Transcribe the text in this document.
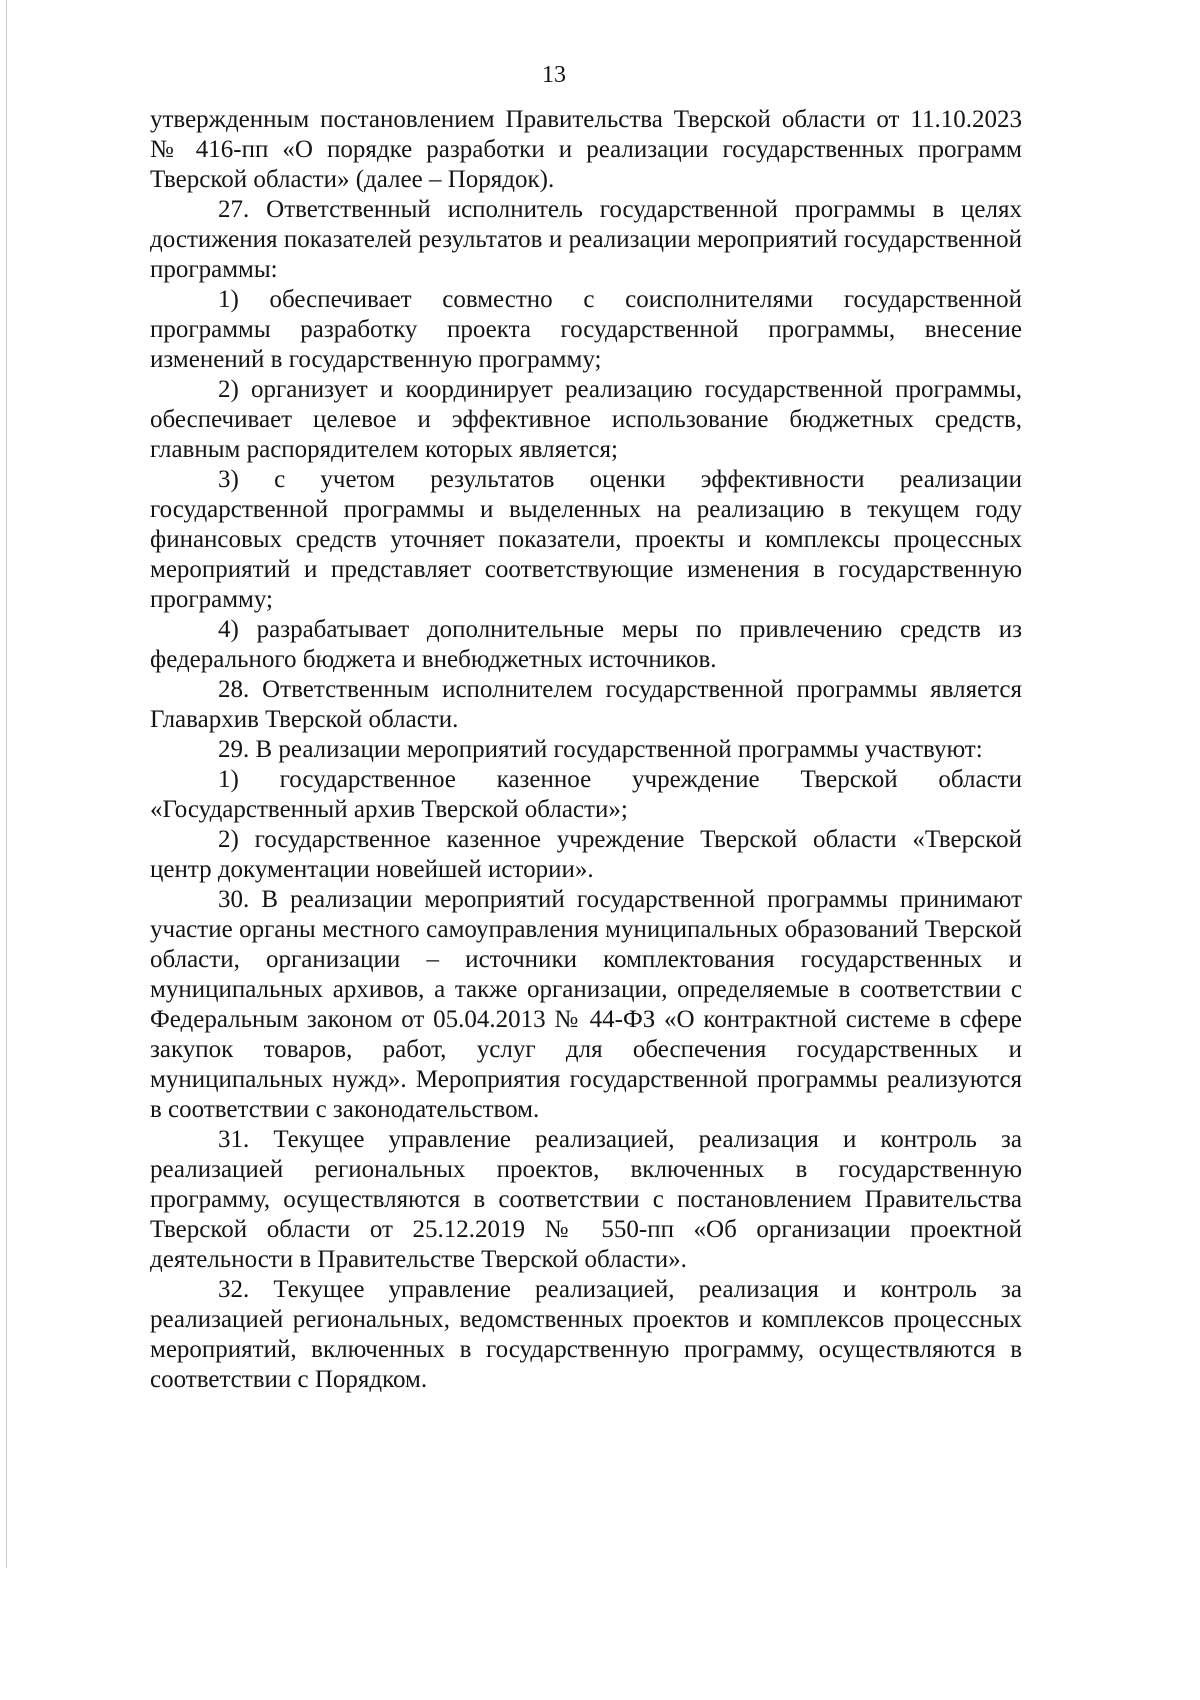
13

утвержденным постановлением Правительства Тверской области от 11.10.2023 № 416-пп «О порядке разработки и реализации государственных программ Тверской области» (далее – Порядок).

27. Ответственный исполнитель государственной программы в целях достижения показателей результатов и реализации мероприятий государственной программы:

1) обеспечивает совместно с соисполнителями государственной программы разработку проекта государственной программы, внесение изменений в государственную программу;

2) организует и координирует реализацию государственной программы, обеспечивает целевое и эффективное использование бюджетных средств, главным распорядителем которых является;

3) с учетом результатов оценки эффективности реализации государственной программы и выделенных на реализацию в текущем году финансовых средств уточняет показатели, проекты и комплексы процессных мероприятий и представляет соответствующие изменения в государственную программу;

4) разрабатывает дополнительные меры по привлечению средств из федерального бюджета и внебюджетных источников.

28. Ответственным исполнителем государственной программы является Главархив Тверской области.

29. В реализации мероприятий государственной программы участвуют:

1) государственное казенное учреждение Тверской области «Государственный архив Тверской области»;

2) государственное казенное учреждение Тверской области «Тверской центр документации новейшей истории».

30. В реализации мероприятий государственной программы принимают участие органы местного самоуправления муниципальных образований Тверской области, организации – источники комплектования государственных и муниципальных архивов, а также организации, определяемые в соответствии с Федеральным законом от 05.04.2013 № 44-ФЗ «О контрактной системе в сфере закупок товаров, работ, услуг для обеспечения государственных и муниципальных нужд». Мероприятия государственной программы реализуются в соответствии с законодательством.

31. Текущее управление реализацией, реализация и контроль за реализацией региональных проектов, включенных в государственную программу, осуществляются в соответствии с постановлением Правительства Тверской области от 25.12.2019 № 550-пп «Об организации проектной деятельности в Правительстве Тверской области».

32. Текущее управление реализацией, реализация и контроль за реализацией региональных, ведомственных проектов и комплексов процессных мероприятий, включенных в государственную программу, осуществляются в соответствии с Порядком.
